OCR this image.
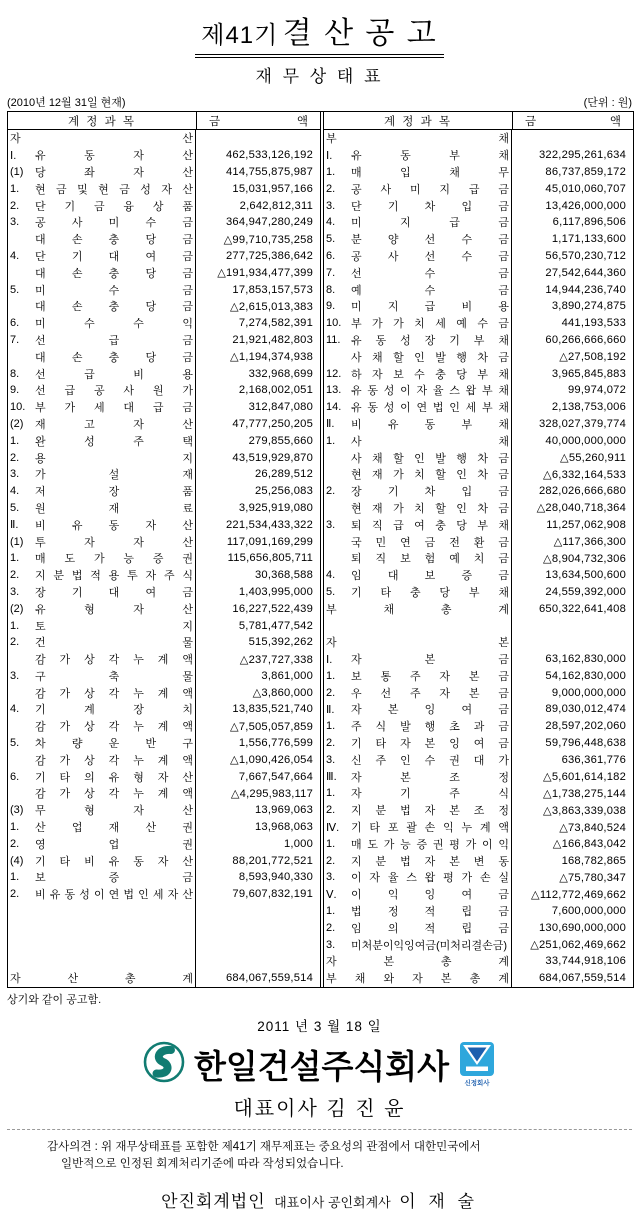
제41기 결 산 공 고
재 무 상 태 표
(2010년 12월 31일 현재)	(단위 : 원)
계 정 과 목	금 액
자 산
Ⅰ.	유 동 자 산	462,533,126,192
(1)	당 좌 자 산	414,755,875,987
1.	현 금 및 현 금 성 자 산	15,031,957,166
2.	단 기 금 융 상 품	2,642,812,311
3.	공 사 미 수 금	364,947,280,249
대 손 충 당 금	△99,710,735,258
4.	단 기 대 여 금	277,725,386,642
대 손 충 당 금	△191,934,477,399
5.	미 수 금	17,853,157,573
대 손 충 당 금	△2,615,013,383
6.	미 수 수 익	7,274,582,391
7.	선 급 금	21,921,482,803
대 손 충 당 금	△1,194,374,938
8.	선 급 비 용	332,968,699
9.	선 급 공 사 원 가	2,168,002,051
10. 부 가 세 대 급 금	312,847,080
(2)	재 고 자 산	47,777,250,205
1.	완 성 주 택	279,855,660
2.	용 지	43,519,929,870
3.	가 설 재	26,289,512
4.	저 장 품	25,256,083
5.	원 재 료	3,925,919,080
Ⅱ.	비 유 동 자 산	221,534,433,322
(1)	투 자 자 산	117,091,169,299
1.	매 도 가 능 증 권	115,656,805,711
2.	지 분 법 적 용 투 자 주 식	30,368,588
3.	장 기 대 여 금	1,403,995,000
(2)	유 형 자 산	16,227,522,439
1.	토 지	5,781,477,542
2.	건 물	515,392,262
감 가 상 각 누 계 액	△237,727,338
3.	구 축 물	3,861,000
감 가 상 각 누 계 액	△3,860,000
4.	기 계 장 치	13,835,521,740
감 가 상 각 누 계 액	△7,505,057,859
5.	차 량 운 반 구	1,556,776,599
감 가 상 각 누 계 액	△1,090,426,054
6.	기 타 의 유 형 자 산	7,667,547,664
감 가 상 각 누 계 액	△4,295,983,117
(3)	무 형 자 산	13,969,063
1.	산 업 재 산 권	13,968,063
2.	영 업 권	1,000
(4)	기 타 비 유 동 자 산	88,201,772,521
1.	보 증 금	8,593,940,330
2.	비 유 동 성 이 연 법 인 세 자 산	79,607,832,191
자 산 총 계	684,067,559,514
계 정 과 목	금 액
부 채
Ⅰ.	유 동 부 채	322,295,261,634
1.	매 입 채 무	86,737,859,172
2.	공 사 미 지 급 금	45,010,060,707
3.	단 기 차 입 금	13,426,000,000
4.	미 지 급 금	6,117,896,506
5.	분 양 선 수 금	1,171,133,600
6.	공 사 선 수 금	56,570,230,712
7.	선 수 금	27,542,644,360
8.	예 수 금	14,944,236,740
9.	미 지 급 비 용	3,890,274,875
10. 부 가 가 치 세 예 수 금	441,193,533
11. 유 동 성 장 기 부 채	60,266,666,660
사 채 할 인 발 행 차 금	△27,508,192
12. 하 자 보 수 충 당 부 채	3,965,845,883
13. 유 동 성 이 자 율 스 왑 부 채	99,974,072
14. 유 동 성 이 연 법 인 세 부 채	2,138,753,006
Ⅱ.	비 유 동 부 채	328,027,379,774
1.	사 채	40,000,000,000
사 채 할 인 발 행 차 금	△55,260,911
현 재 가 치 할 인 차 금	△6,332,164,533
2.	장 기 차 입 금	282,026,666,680
현 재 가 치 할 인 차 금	△28,040,718,364
3.	퇴 직 급 여 충 당 부 채	11,257,062,908
국 민 연 금 전 환 금	△117,366,300
퇴 직 보 험 예 치 금	△8,904,732,306
4.	임 대 보 증 금	13,634,500,600
5.	기 타 충 당 부 채	24,559,392,000
부 채 총 계	650,322,641,408
자 본
Ⅰ.	자 본 금	63,162,830,000
1.	보 통 주 자 본 금	54,162,830,000
2.	우 선 주 자 본 금	9,000,000,000
Ⅱ.	자 본 잉 여 금	89,030,012,474
1.	주 식 발 행 초 과 금	28,597,202,060
2.	기 타 자 본 잉 여 금	59,796,448,638
3.	신 주 인 수 권 대 가	636,361,776
Ⅲ.	자 본 조 정	△5,601,614,182
1.	자 기 주 식	△1,738,275,144
2.	지 분 법 자 본 조 정	△3,863,339,038
Ⅳ.	기 타 포 괄 손 익 누 계 액	△73,840,524
1.	매 도 가 능 증 권 평 가 이 익	△166,843,042
2.	지 분 법 자 본 변 동	168,782,865
3.	이 자 율 스 왑 평 가 손 실	△75,780,347
Ⅴ.	이 익 잉 여 금	△112,772,469,662
1.	법 정 적 립 금	7,600,000,000
2.	임 의 적 립 금	130,690,000,000
3.	미처분이익잉여금(미처리결손금)	△251,062,469,662
자 본 총 계	33,744,918,106
부 채 와 자 본 총 계	684,067,559,514
상기와 같이 공고함.
2011 년 3 월 18 일
한일건설주식회사 신정회사
대표이사 김 진 윤
감사의견 : 위 재무상태표를 포함한 제41기 재무제표는 중요성의 관점에서 대한민국에서
일반적으로 인정된 회계처리기준에 따라 작성되었습니다.
안진회계법인 대표이사 공인회계사 이 재 술
